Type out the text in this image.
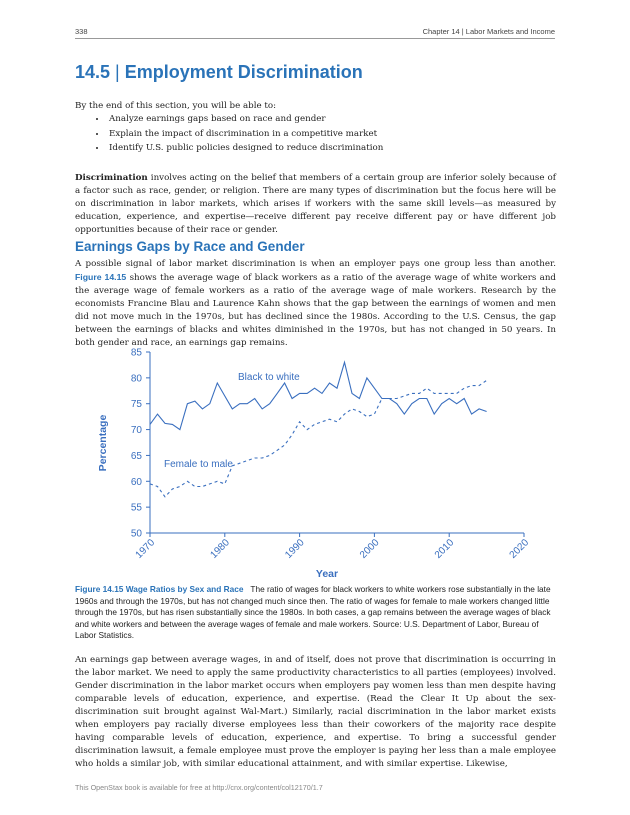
338	Chapter 14 | Labor Markets and Income
14.5 | Employment Discrimination
By the end of this section, you will be able to:
• Analyze earnings gaps based on race and gender
• Explain the impact of discrimination in a competitive market
• Identify U.S. public policies designed to reduce discrimination
Discrimination involves acting on the belief that members of a certain group are inferior solely because of a factor such as race, gender, or religion. There are many types of discrimination but the focus here will be on discrimination in labor markets, which arises if workers with the same skill levels—as measured by education, experience, and expertise—receive different pay receive different pay or have different job opportunities because of their race or gender.
Earnings Gaps by Race and Gender
A possible signal of labor market discrimination is when an employer pays one group less than another. Figure 14.15 shows the average wage of black workers as a ratio of the average wage of white workers and the average wage of female workers as a ratio of the average wage of male workers. Research by the economists Francine Blau and Laurence Kahn shows that the gap between the earnings of women and men did not move much in the 1970s, but has declined since the 1980s. According to the U.S. Census, the gap between the earnings of blacks and whites diminished in the 1970s, but has not changed in 50 years. In both gender and race, an earnings gap remains.
50
55
60
65
70
75
80
85
1970	1980	1990	2000	2010	2020
Black to white
Female to male
Percentage
Year
Figure 14.15 Wage Ratios by Sex and Race The ratio of wages for black workers to white workers rose substantially in the late 1960s and through the 1970s, but has not changed much since then. The ratio of wages for female to male workers changed little through the 1970s, but has risen substantially since the 1980s. In both cases, a gap remains between the average wages of black and white workers and between the average wages of female and male workers. Source: U.S. Department of Labor, Bureau of Labor Statistics.
An earnings gap between average wages, in and of itself, does not prove that discrimination is occurring in the labor market. We need to apply the same productivity characteristics to all parties (employees) involved. Gender discrimination in the labor market occurs when employers pay women less than men despite having comparable levels of education, experience, and expertise. (Read the Clear It Up about the sex-discrimination suit brought against Wal-Mart.) Similarly, racial discrimination in the labor market exists when employers pay racially diverse employees less than their coworkers of the majority race despite having comparable levels of education, experience, and expertise. To bring a successful gender discrimination lawsuit, a female employee must prove the employer is paying her less than a male employee who holds a similar job, with similar educational attainment, and with similar expertise. Likewise,
This OpenStax book is available for free at http://cnx.org/content/col12170/1.7
